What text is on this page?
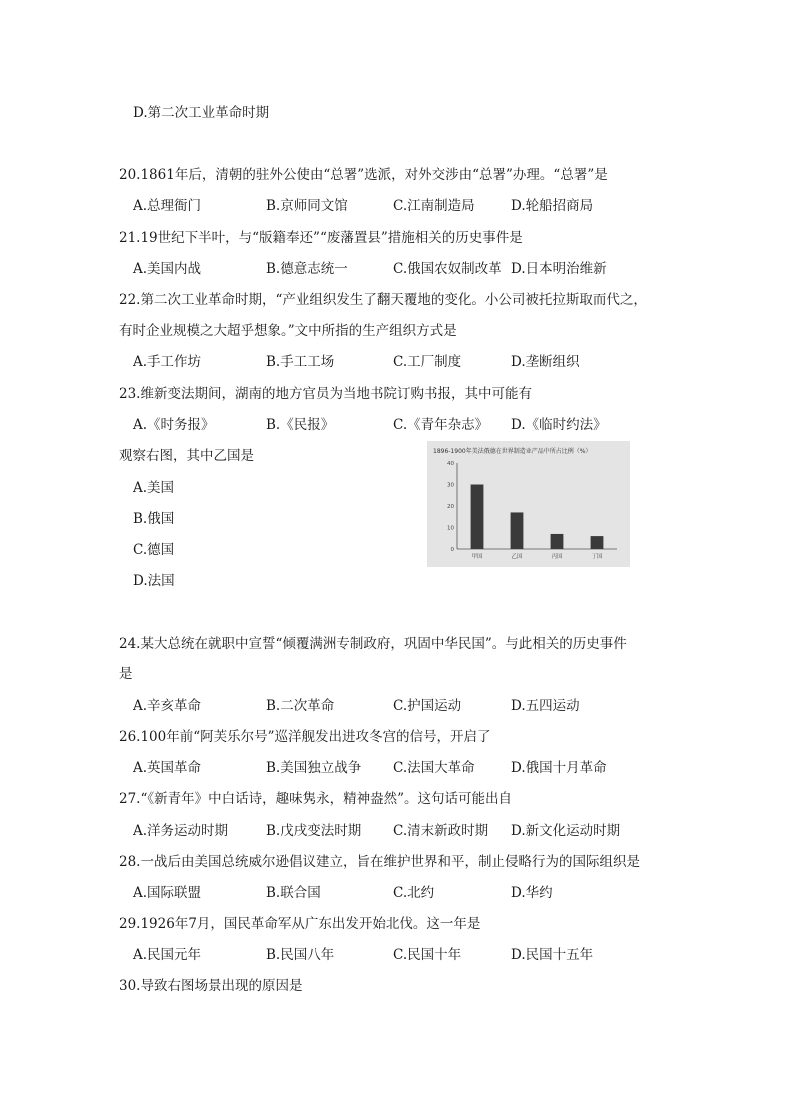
D.第二次工业革命时期
20.1861年后，清朝的驻外公使由“总署”选派，对外交涉由“总署”办理。“总署”是
A.总理衙门	B.京师同文馆	C.江南制造局	D.轮船招商局
21.19世纪下半叶，与“版籍奉还”“废藩置县”措施相关的历史事件是
A.美国内战	B.德意志统一	C.俄国农奴制改革 D.日本明治维新
22.第二次工业革命时期，“产业组织发生了翻天覆地的变化。小公司被托拉斯取而代之，
有时企业规模之大超乎想象。”文中所指的生产组织方式是
A.手工作坊	B.手工工场	C.工厂制度	D.垄断组织
23.维新变法期间，湖南的地方官员为当地书院订购书报，其中可能有
A.《时务报》	B.《民报》	C.《青年杂志》 D.《临时约法》
观察右图，其中乙国是
A.美国
B.俄国
C.德国
D.法国
1896-1900年美法俄德在世界制造业产品中所占比例（%）
0
10
20
30
40
甲国	乙国	丙国	丁国
24.某大总统在就职中宣誓“倾覆满洲专制政府，巩固中华民国”。与此相关的历史事件
是
A.辛亥革命	B.二次革命	C.护国运动	D.五四运动
26.100年前“阿芙乐尔号”巡洋舰发出进攻冬宫的信号，开启了
A.英国革命	B.美国独立战争 C.法国大革命	D.俄国十月革命
27.“《新青年》中白话诗，趣味隽永，精神盎然”。这句话可能出自
A.洋务运动时期	B.戊戌变法时期 C.清末新政时期 D.新文化运动时期
28.一战后由美国总统威尔逊倡议建立，旨在维护世界和平，制止侵略行为的国际组织是
A.国际联盟	B.联合国	C.北约	D.华约
29.1926年7月，国民革命军从广东出发开始北伐。这一年是
A.民国元年	B.民国八年	C.民国十年	D.民国十五年
30.导致右图场景出现的原因是
